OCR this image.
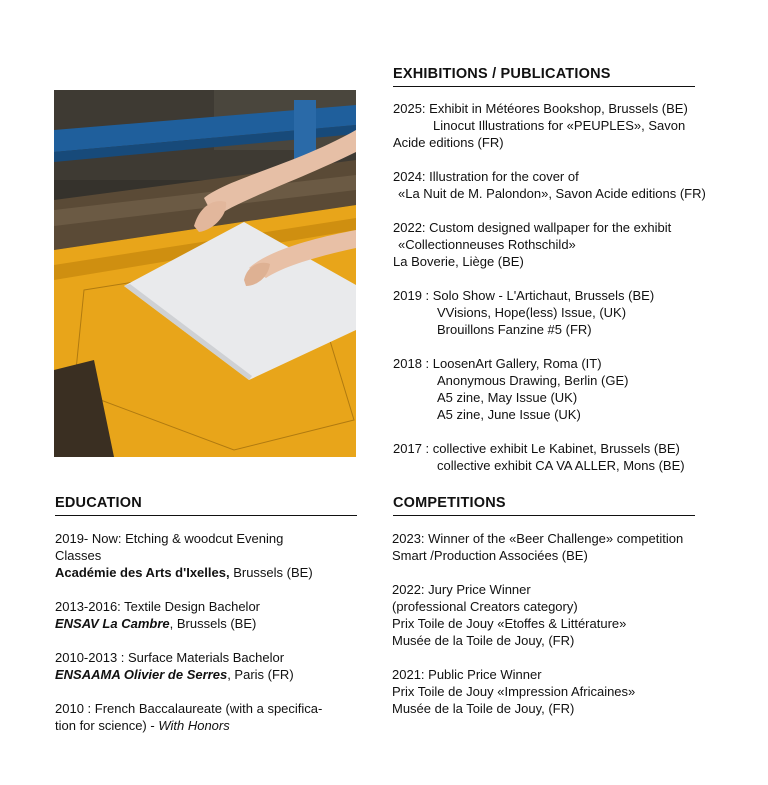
EXHIBITIONS / PUBLICATIONS
2025: Exhibit in Météores Bookshop, Brussels (BE)
Linocut Illustrations for «PEUPLES», Savon
Acide editions (FR)
2024: Illustration for the cover of
«La Nuit de M. Palondon», Savon Acide editions (FR)
2022: Custom designed wallpaper for the exhibit
«Collectionneuses Rothschild»
La Boverie, Liège (BE)
2019 : Solo Show - L'Artichaut, Brussels (BE)
VVisions, Hope(less) Issue, (UK)
Brouillons Fanzine #5 (FR)
2018 : LoosenArt Gallery, Roma (IT)
Anonymous Drawing, Berlin (GE)
A5 zine, May Issue (UK)
A5 zine, June Issue (UK)
2017 : collective exhibit Le Kabinet, Brussels (BE)
collective exhibit CA VA ALLER, Mons (BE)
EDUCATION
2019- Now: Etching & woodcut Evening
Classes
Académie des Arts d'Ixelles, Brussels (BE)
2013-2016: Textile Design Bachelor
ENSAV La Cambre, Brussels (BE)
2010-2013 : Surface Materials Bachelor
ENSAAMA Olivier de Serres, Paris (FR)
2010 : French Baccalaureate (with a specifica-
tion for science) - With Honors
COMPETITIONS
2023: Winner of the «Beer Challenge» competition
Smart /Production Associées (BE)
2022: Jury Price Winner
(professional Creators category)
Prix Toile de Jouy «Etoffes & Littérature»
Musée de la Toile de Jouy, (FR)
2021: Public Price Winner
Prix Toile de Jouy «Impression Africaines»
Musée de la Toile de Jouy, (FR)
